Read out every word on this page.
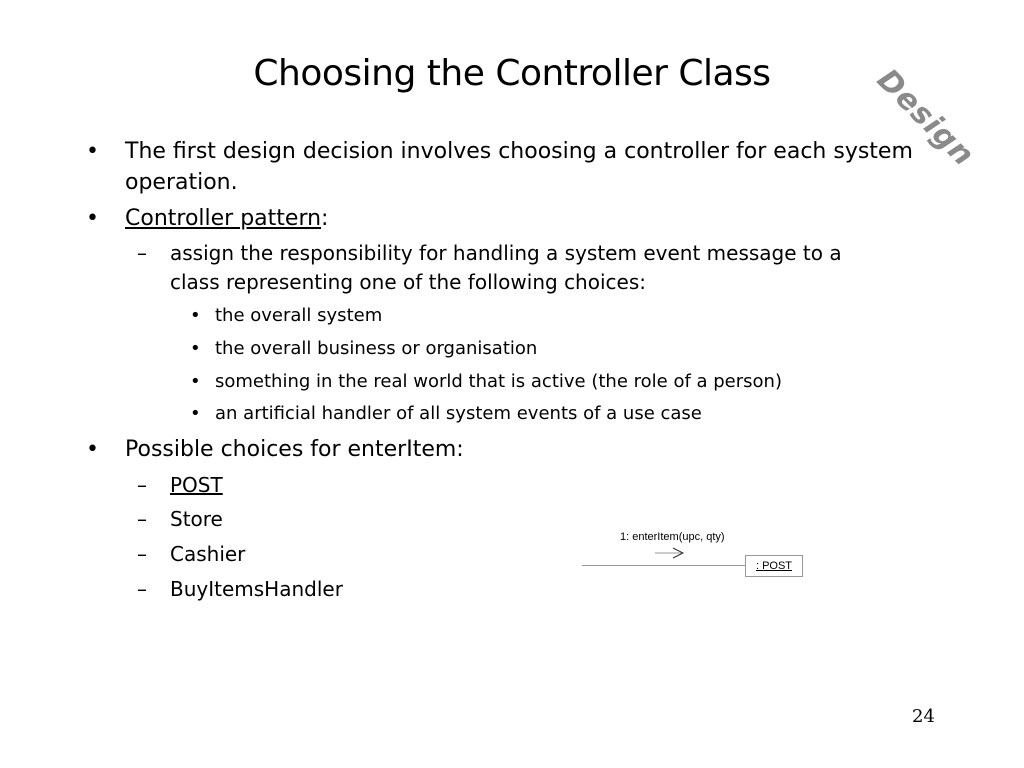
Choosing the Controller Class	Design
• The first design decision involves choosing a controller for each system
operation.
• Controller pattern:
– assign the responsibility for handling a system event message to a
class representing one of the following choices:
• the overall system
• the overall business or organisation
• something in the real world that is active (the role of a person)
• an artificial handler of all system events of a use case
• Possible choices for enterItem:
– POST
– Store
– Cashier
– BuyItemsHandler
1: enterItem(upc, qty)
: POST
24
